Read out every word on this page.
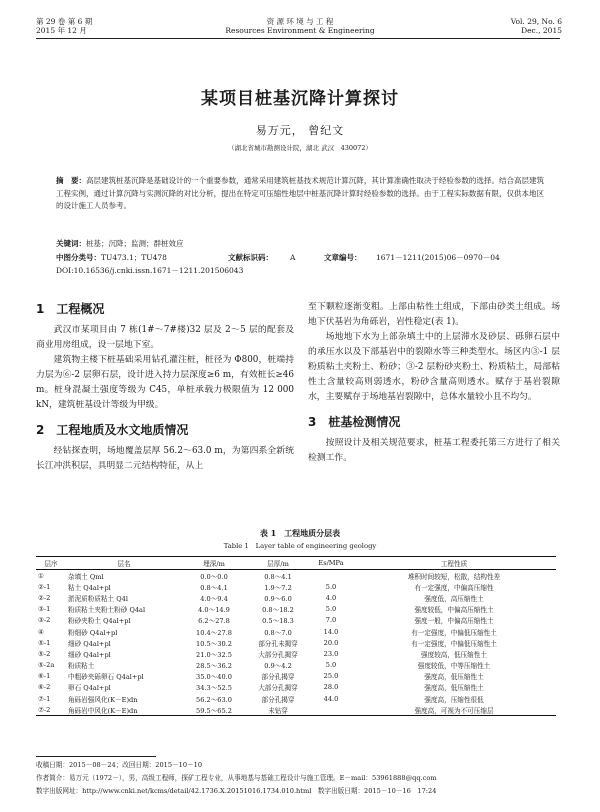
第 29 卷 第 6 期
2015 年 12 月
资 源 环 境 与 工 程
Resources Environment & Engineering
Vol. 29, No. 6
Dec., 2015
某项目桩基沉降计算探讨
易万元， 曾纪文
（湖北省城市勘测设计院，湖北 武汉　430072）
摘　要：高层建筑桩基沉降是基础设计的一个重要参数，通常采用建筑桩基技术规范计算沉降，其计算准确性取决于经验参数的选择。结合高层建筑工程实例，通过计算沉降与实测沉降的对比分析，提出在特定可压缩性地层中桩基沉降计算时经验参数的选择。由于工程实际数据有限，仅供本地区的设计施工人员参考。
关键词：桩基；沉降；监测；群桩效应
中图分类号：TU473.1；TU478	文献标识码： A	文章编号： 1671－1211(2015)06－0970－04
DOI:10.16536/j.cnki.issn.1671－1211.201506043
1　工程概况

武汉市某项目由 7 栋(1#～7#楼)32 层及 2～5 层的配套及商业用房组成，设一层地下室。

建筑物主楼下桩基础采用钻孔灌注桩，桩径为 Φ800，桩端持力层为⑥-2 层卵石层，设计进入持力层深度≥6 m，有效桩长≥46 m。桩身混凝土强度等级为 C45，单桩承载力极限值为 12 000 kN，建筑桩基设计等级为甲级。

2　工程地质及水文地质情况

经钻探查明，场地覆盖层厚 56.2～63.0 m，为第四系全新统长江冲洪积层，具明显二元结构特征，从上

至下颗粒逐渐变粗。上部由粘性土组成，下部由砂类土组成。场地下伏基岩为角砾岩，岩性稳定(表 1)。

场地地下水为上部杂填土中的上层滞水及砂层、砾卵石层中的承压水以及下部基岩中的裂隙水等三种类型水。场区内③-1 层粉质粘土夹粉土、粉砂；③-2 层粉砂夹粉土、粉质粘土，局部粘性土含量较高则弱透水，粉砂含量高则透水。赋存于基岩裂隙水，主要赋存于场地基岩裂隙中，总体水量较小且不均匀。

3　桩基检测情况

按照设计及相关规范要求，桩基工程委托第三方进行了相关检测工作。

表 1　工程地质分层表
Table 1　Layer table of engineering geology
层序	层名	埋深/m	层厚/m	Es/MPa	工程性质
①	杂填土 Qml	0.0～0.0	0.8～4.1		堆积时间较短，松散，结构性差
②-1	粘土 Q4al+pl	0.8～4.1	1.9～7.2	5.0	有一定强度，中偏高压缩性
②-2	淤泥质粉质粘土 Q4l	4.0～9.4	0.9～6.0	4.0	强度低，高压缩性土
③-1	粉质粘土夹粉土粉砂 Q4al	4.0～14.9	0.8～18.2	5.0	强度较低，中偏高压缩性土
③-2	粉砂夹粉土 Q4al+pl	6.2～27.8	0.5～18.3	7.0	强度一般，中偏高压缩性土
④	粉细砂 Q4al+pl	10.4～27.8	0.8～7.0	14.0	有一定强度，中偏低压缩性土
⑤-1	细砂 Q4al+pl	10.5～30.2	部分孔未揭穿	20.0	有一定强度，中偏低压缩性土
⑤-2	细砂 Q4al+pl	21.0～32.5	大部分孔揭穿	23.0	强度较高，低压缩性土
⑤-2a	粉质粘土	28.5～36.2	0.9～4.2	5.0	强度较低，中等压缩性土
⑥-1	中粗砂夹砾卵石 Q4al+pl	35.0～40.0	部分孔揭穿	25.0	强度高，低压缩性土
⑥-2	卵石 Q4al+pl	34.3～52.5	大部分孔揭穿	28.0	强度高，低压缩性土
⑦-1	角砾岩强风化(K－E)dn	56.2～63.0	部分孔揭穿	44.0	强度高，压缩性很低
⑦-2	角砾岩中风化(K－E)dn	59.5～65.2	未钻穿		强度高，可视为不可压缩层
收稿日期：2015－08－24；改回日期：2015－10－10
作者简介：易万元（1972－），男，高级工程师，探矿工程专业，从事地基与基础工程设计与施工管理。E－mail：53961888@qq.com
数字出版网址：http://www.cnki.net/kcms/detail/42.1736.X.20151016.1734.010.html　数字出版日期：2015－10－16　17:24
